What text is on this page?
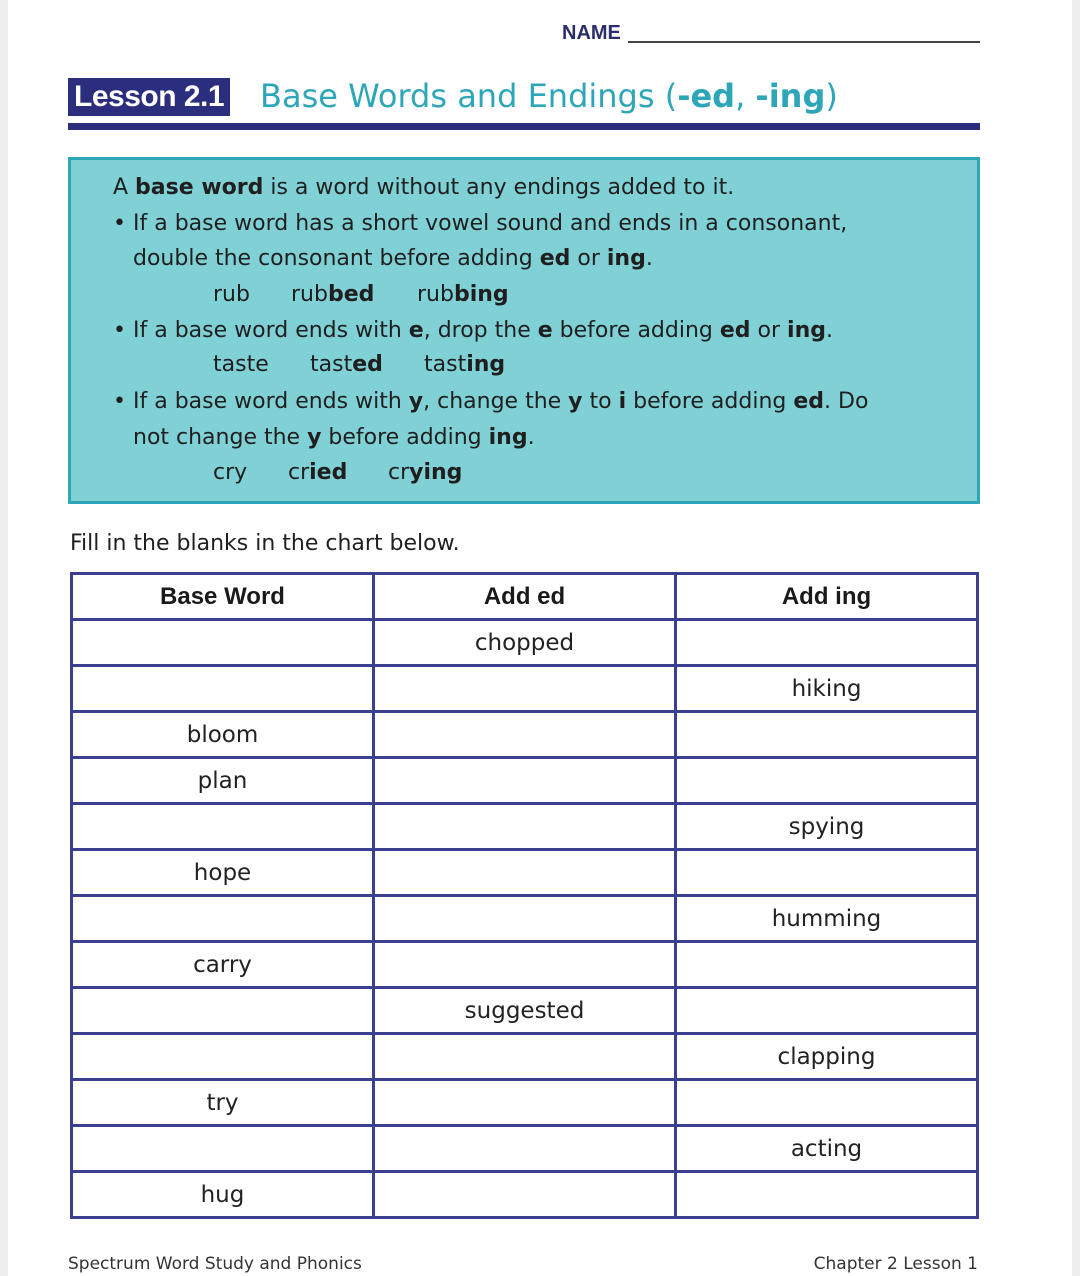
NAME
Lesson 2.1 Base Words and Endings (-ed, -ing)
A base word is a word without any endings added to it.
• If a base word has a short vowel sound and ends in a consonant,
double the consonant before adding ed or ing.
rub rubbed rubbing
• If a base word ends with e, drop the e before adding ed or ing.
taste tasted tasting
• If a base word ends with y, change the y to i before adding ed. Do
not change the y before adding ing.
cry cried crying
Fill in the blanks in the chart below.
Base Word	Add ed	Add ing
	chopped	
		hiking
bloom		
plan		
		spying
hope		
		humming
carry		
	suggested	
		clapping
try		
		acting
hug		
Spectrum Word Study and Phonics	Chapter 2 Lesson 1
